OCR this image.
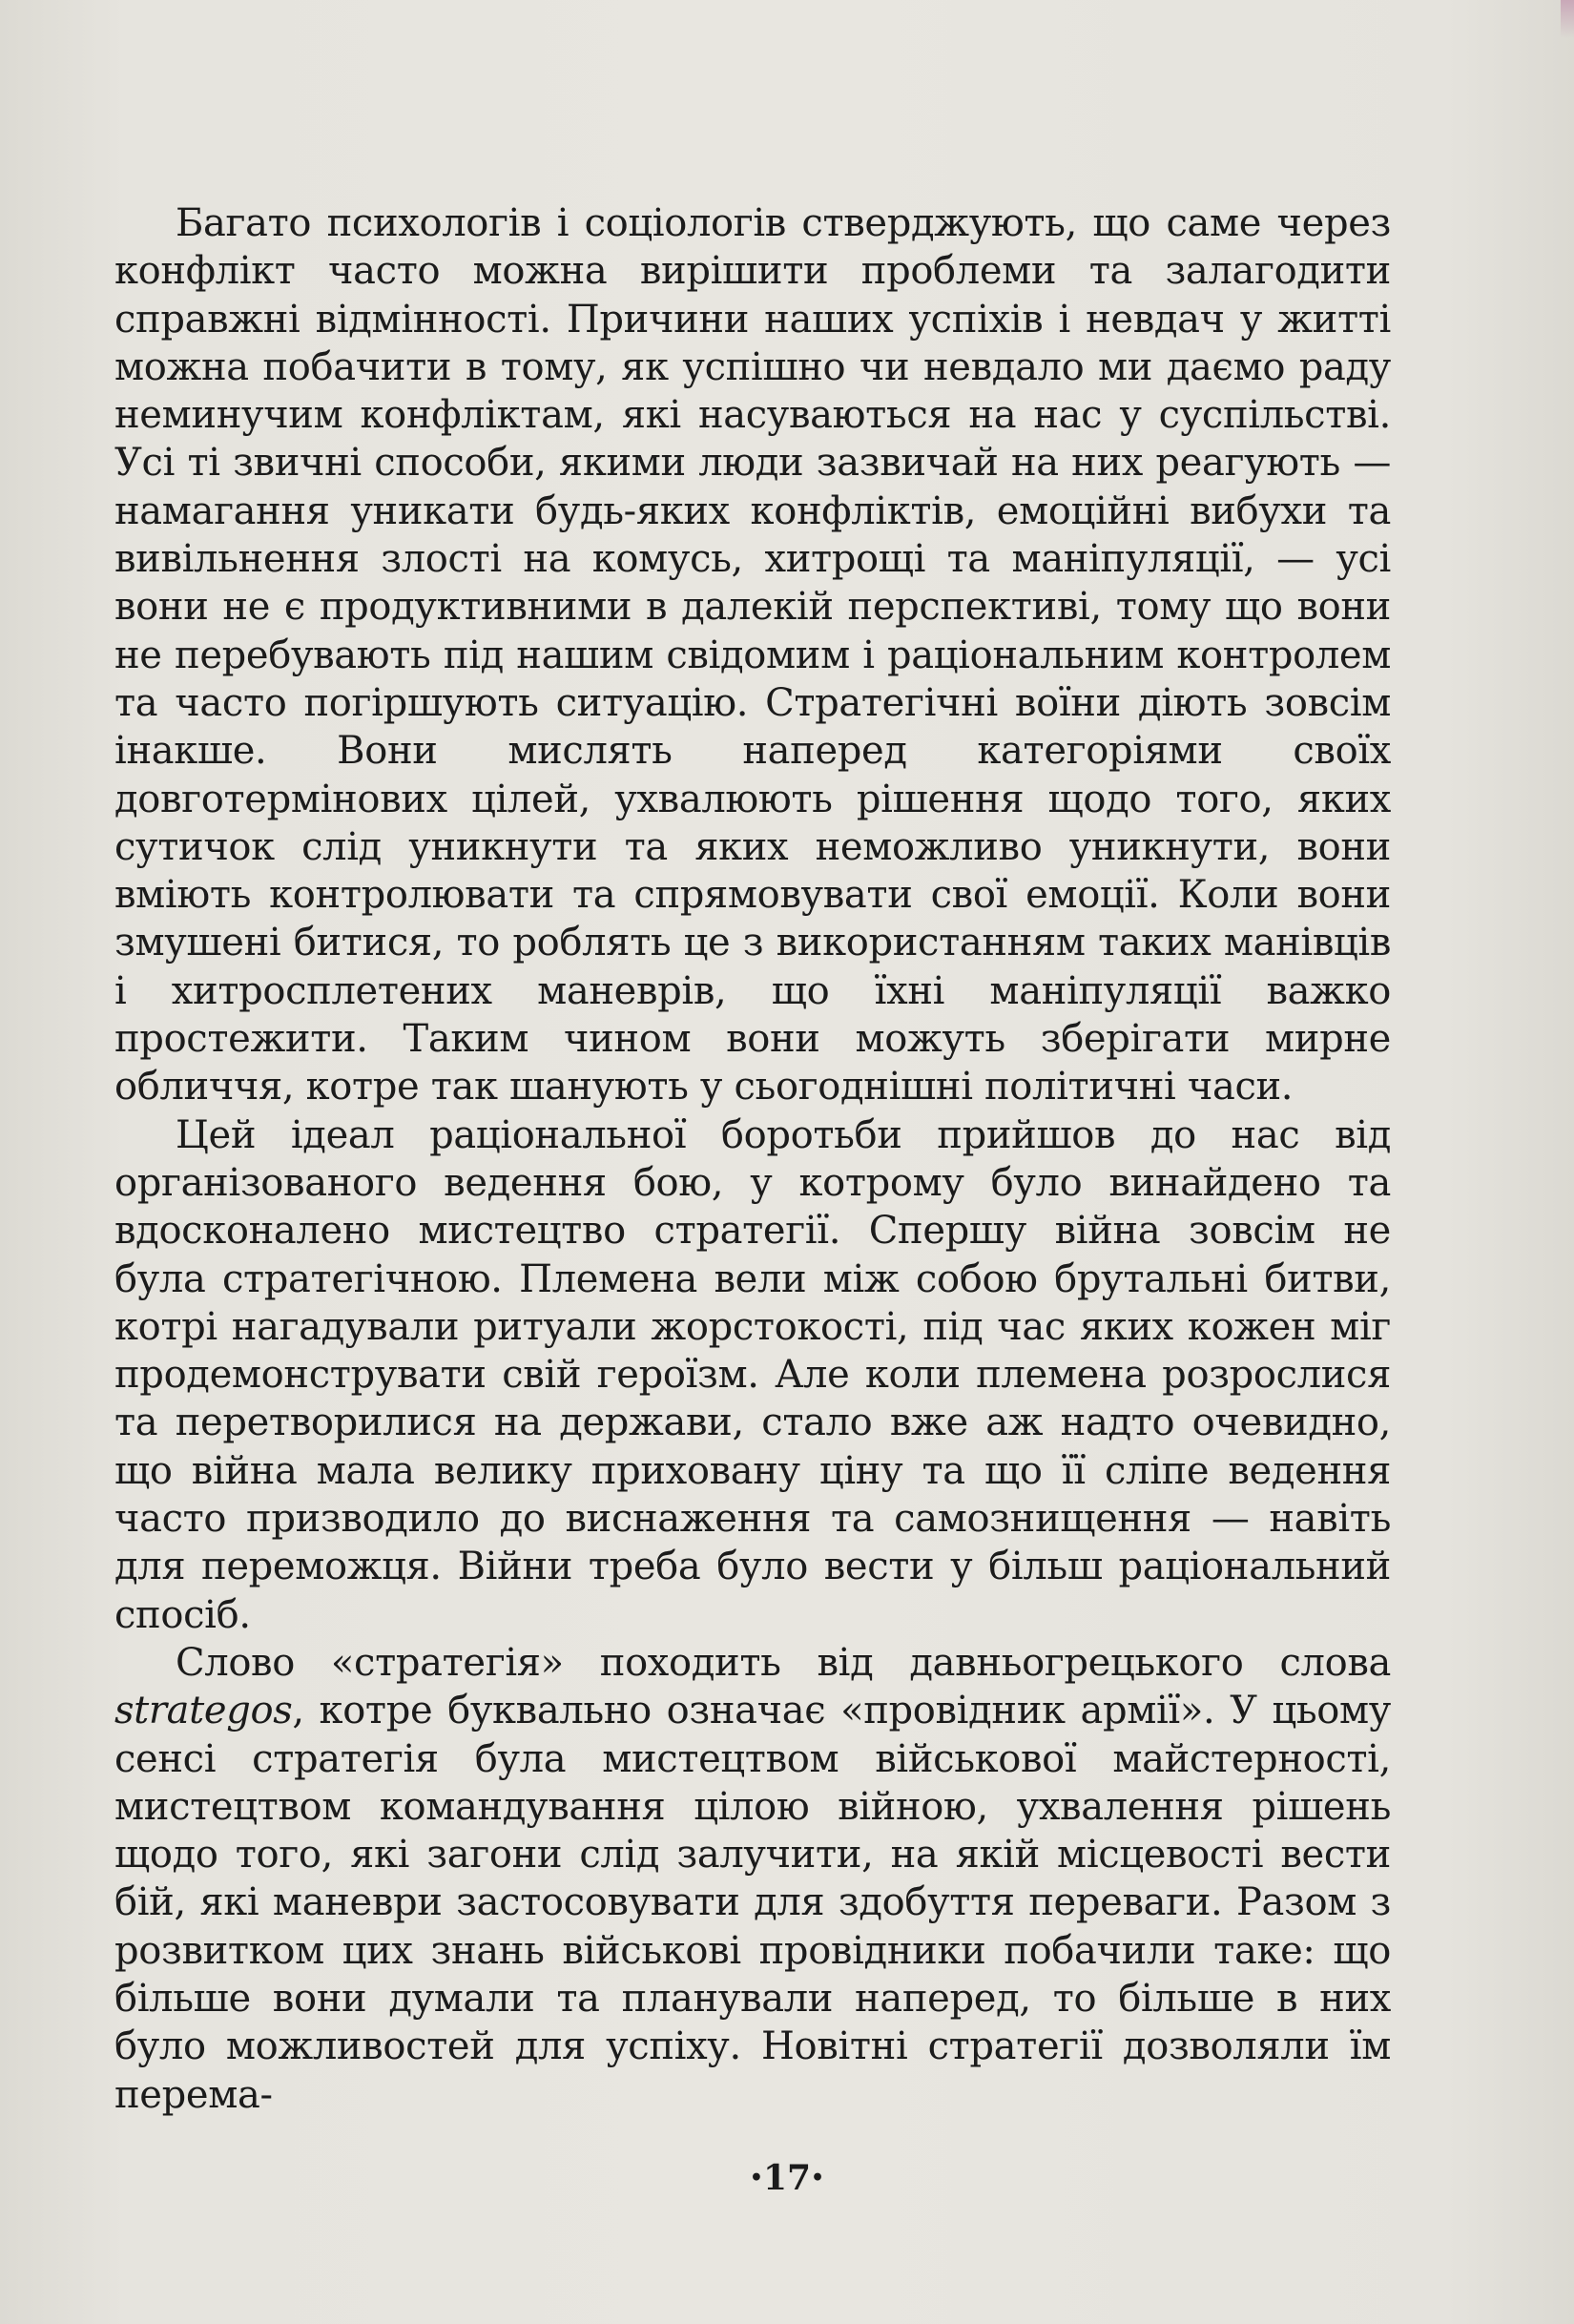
Багато психологів і соціологів стверджують, що саме через конфлікт часто можна вирішити проблеми та залагодити справжні відмінності. Причини наших успіхів і невдач у житті можна побачити в тому, як успішно чи невдало ми даємо раду неминучим конфліктам, які насуваються на нас у суспільстві. Усі ті звичні способи, якими люди зазвичай на них реагують — намагання уникати будь-яких конфліктів, емоційні вибухи та вивільнення злості на комусь, хитрощі та маніпуляції, — усі вони не є продуктивними в далекій перспективі, тому що вони не перебувають під нашим свідомим і раціональним контролем та часто погіршують ситуацію. Стратегічні воїни діють зовсім інакше. Вони мислять наперед категоріями своїх довготермінових цілей, ухвалюють рішення щодо того, яких сутичок слід уникнути та яких неможливо уникнути, вони вміють контролювати та спрямовувати свої емоції. Коли вони змушені битися, то роблять це з використанням таких манівців і хитросплетених маневрів, що їхні маніпуляції важко простежити. Таким чином вони можуть зберігати мирне обличчя, котре так шанують у сьогоднішні політичні часи.

Цей ідеал раціональної боротьби прийшов до нас від організованого ведення бою, у котрому було винайдено та вдосконалено мистецтво стратегії. Спершу війна зовсім не була стратегічною. Племена вели між собою брутальні битви, котрі нагадували ритуали жорстокості, під час яких кожен міг продемонструвати свій героїзм. Але коли племена розрослися та перетворилися на держави, стало вже аж надто очевидно, що війна мала велику приховану ціну та що її сліпе ведення часто призводило до виснаження та самознищення — навіть для переможця. Війни треба було вести у більш раціональний спосіб.

Слово «стратегія» походить від давньогрецького слова strategos, котре буквально означає «провідник армії». У цьому сенсі стратегія була мистецтвом військової майстерності, мистецтвом командування цілою війною, ухвалення рішень щодо того, які загони слід залучити, на якій місцевості вести бій, які маневри застосовувати для здобуття переваги. Разом з розвитком цих знань військові провідники побачили таке: що більше вони думали та планували наперед, то більше в них було можливостей для успіху. Новітні стратегії дозволяли їм перема-

•17•
